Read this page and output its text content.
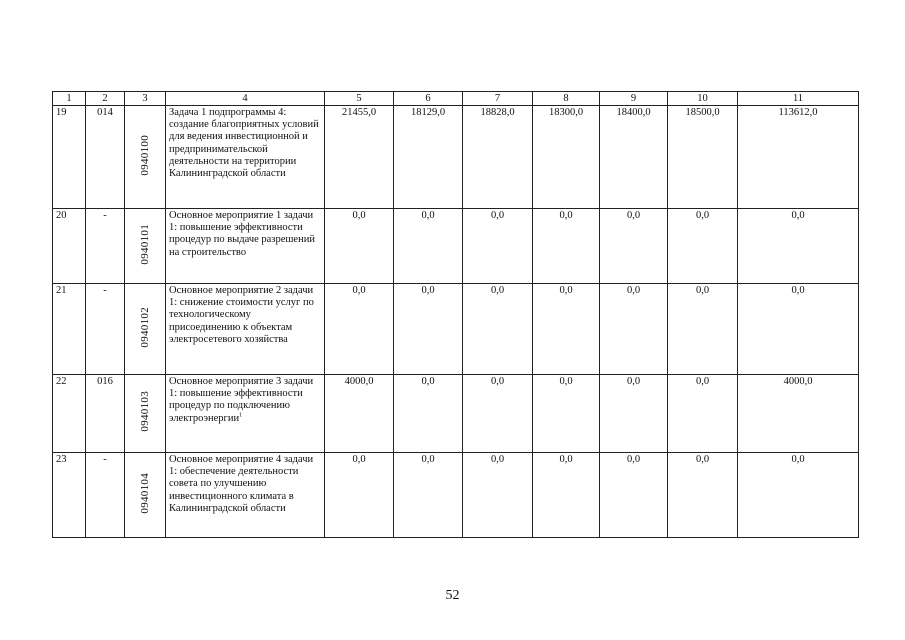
1	2	3	4	5	6	7	8	9	10	11
19	014	0940100	Задача 1 подпрограммы 4: создание благоприятных условий для ведения инвестиционной и предпринимательской деятельности на территории Калининградской области	21455,0	18129,0	18828,0	18300,0	18400,0	18500,0	113612,0
20	-	0940101	Основное мероприятие 1 задачи 1: повышение эффективности процедур по выдаче разрешений на строительство	0,0	0,0	0,0	0,0	0,0	0,0	0,0
21	-	0940102	Основное мероприятие 2 задачи 1: снижение стоимости услуг по технологическому присоединению к объектам электросетевого хозяйства	0,0	0,0	0,0	0,0	0,0	0,0	0,0
22	016	0940103	Основное мероприятие 3 задачи 1: повышение эффективности процедур по подключению электроэнергии$^1$	4000,0	0,0	0,0	0,0	0,0	0,0	4000,0
23	-	0940104	Основное мероприятие 4 задачи 1: обеспечение деятельности совета по улучшению инвестиционного климата в Калининградской области	0,0	0,0	0,0	0,0	0,0	0,0	0,0
52
